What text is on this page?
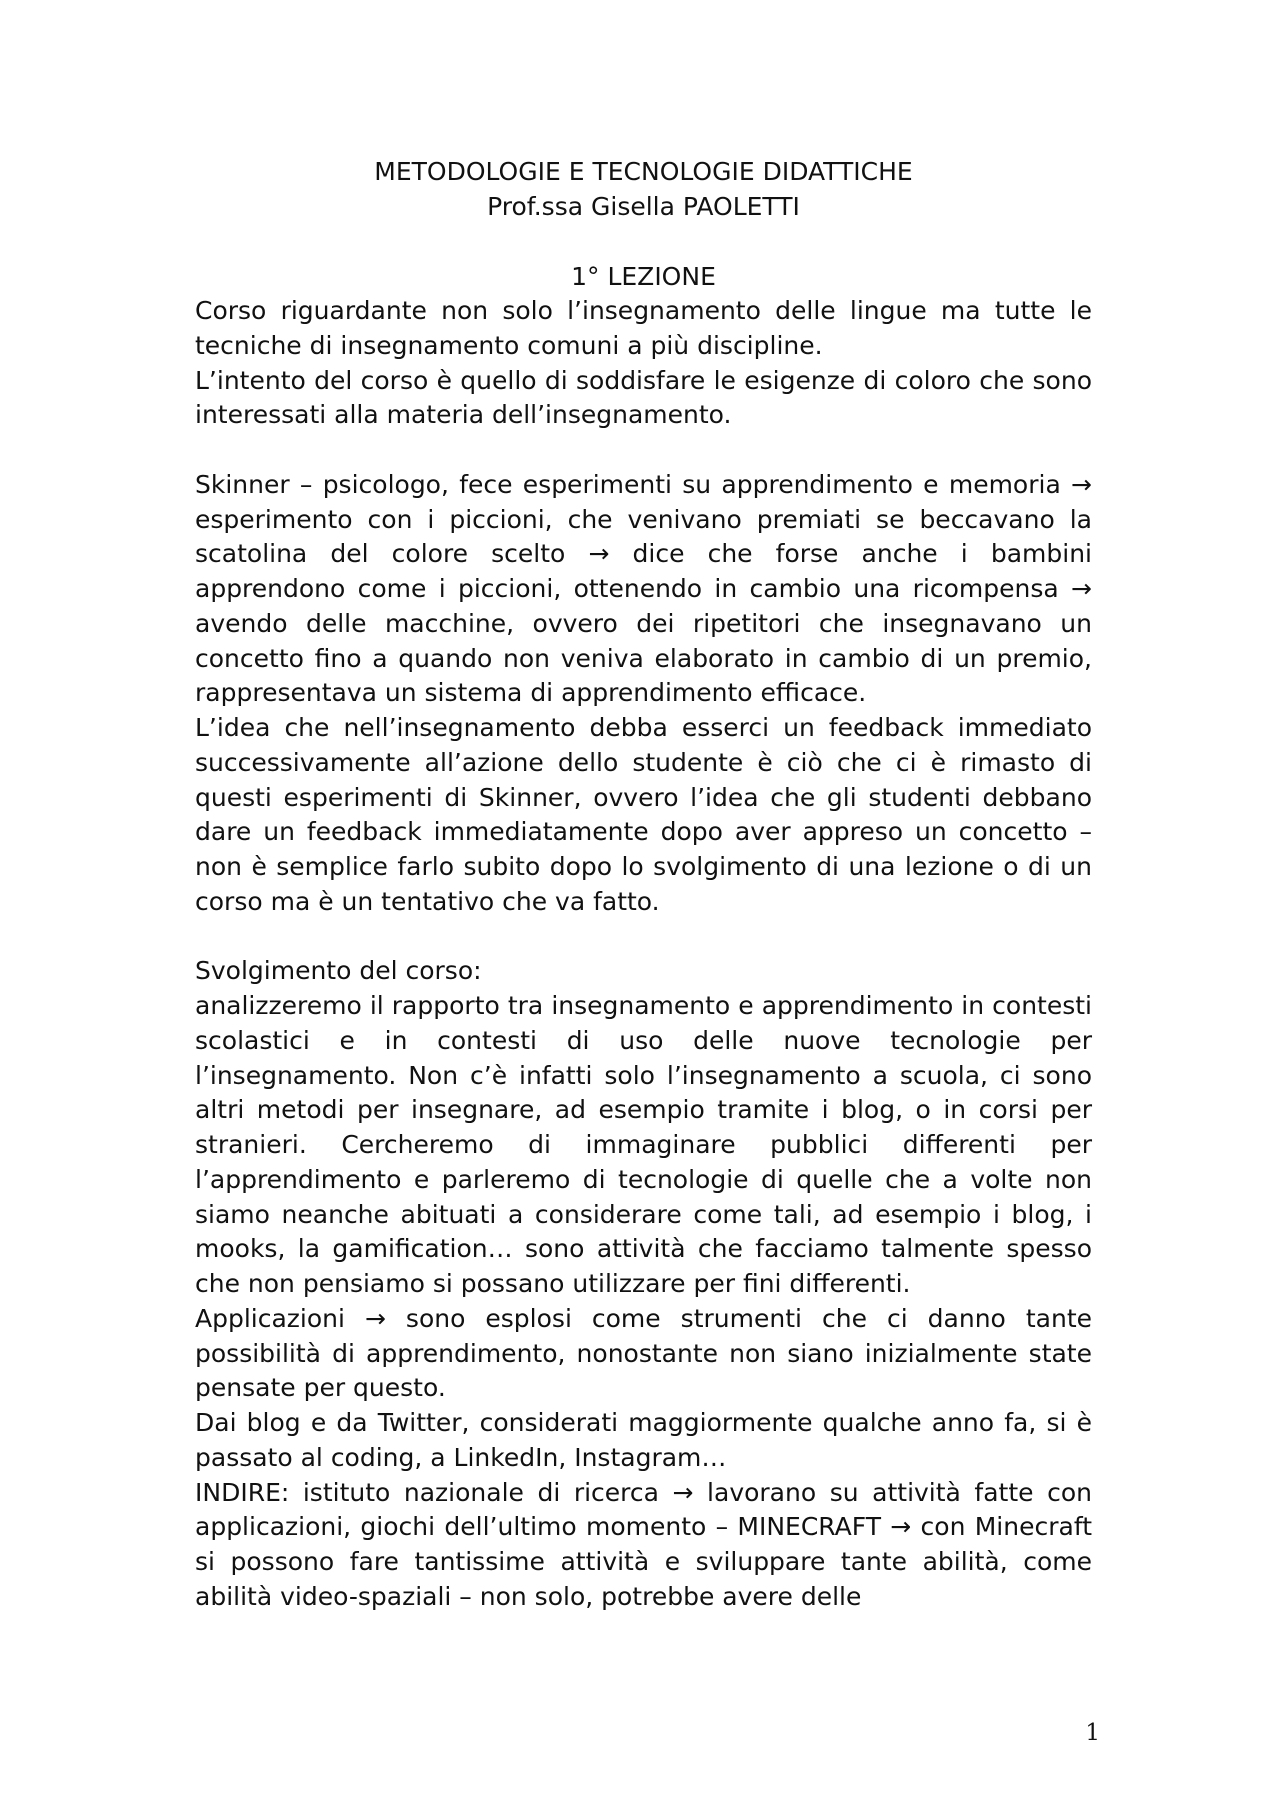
METODOLOGIE E TECNOLOGIE DIDATTICHE
Prof.ssa Gisella PAOLETTI
1° LEZIONE

Corso riguardante non solo l’insegnamento delle lingue ma tutte le tecniche di insegnamento comuni a più discipline.

L’intento del corso è quello di soddisfare le esigenze di coloro che sono interessati alla materia dell’insegnamento.

Skinner – psicologo, fece esperimenti su apprendimento e memoria → esperimento con i piccioni, che venivano premiati se beccavano la scatolina del colore scelto → dice che forse anche i bambini apprendono come i piccioni, ottenendo in cambio una ricompensa → avendo delle macchine, ovvero dei ripetitori che insegnavano un concetto fino a quando non veniva elaborato in cambio di un premio, rappresentava un sistema di apprendimento efficace.

L’idea che nell’insegnamento debba esserci un feedback immediato successivamente all’azione dello studente è ciò che ci è rimasto di questi esperimenti di Skinner, ovvero l’idea che gli studenti debbano dare un feedback immediatamente dopo aver appreso un concetto – non è semplice farlo subito dopo lo svolgimento di una lezione o di un corso ma è un tentativo che va fatto.

Svolgimento del corso:

analizzeremo il rapporto tra insegnamento e apprendimento in contesti scolastici e in contesti di uso delle nuove tecnologie per l’insegnamento. Non c’è infatti solo l’insegnamento a scuola, ci sono altri metodi per insegnare, ad esempio tramite i blog, o in corsi per stranieri. Cercheremo di immaginare pubblici differenti per l’apprendimento e parleremo di tecnologie di quelle che a volte non siamo neanche abituati a considerare come tali, ad esempio i blog, i mooks, la gamification… sono attività che facciamo talmente spesso che non pensiamo si possano utilizzare per fini differenti.

Applicazioni → sono esplosi come strumenti che ci danno tante possibilità di apprendimento, nonostante non siano inizialmente state pensate per questo.

Dai blog e da Twitter, considerati maggiormente qualche anno fa, si è passato al coding, a LinkedIn, Instagram…

INDIRE: istituto nazionale di ricerca → lavorano su attività fatte con applicazioni, giochi dell’ultimo momento – MINECRAFT → con Minecraft si possono fare tantissime attività e sviluppare tante abilità, come abilità video-spaziali – non solo, potrebbe avere delle

1
